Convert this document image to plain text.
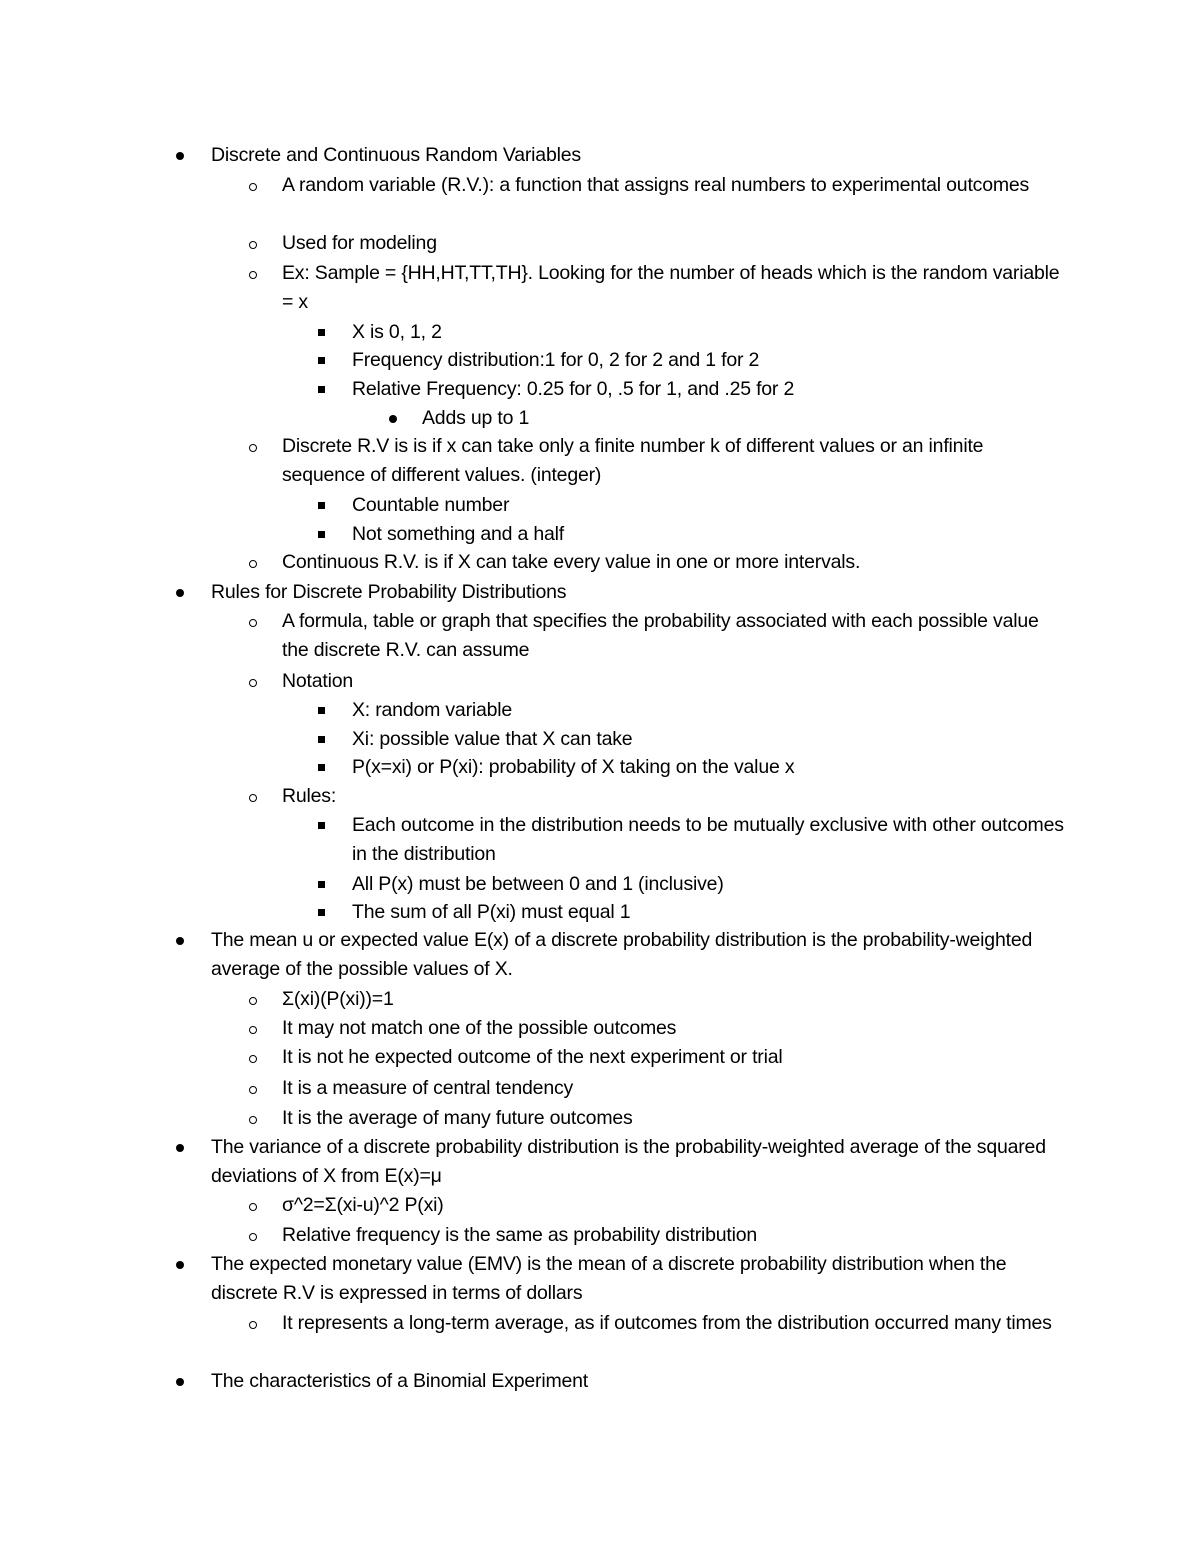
Discrete and Continuous Random Variables

A random variable (R.V.): a function that assigns real numbers to experimental outcomes

Used for modeling

Ex: Sample = {HH,HT,TT,TH}. Looking for the number of heads which is the random variable = x

X is 0, 1, 2

Frequency distribution:1 for 0, 2 for 2 and 1 for 2

Relative Frequency: 0.25 for 0, .5 for 1, and .25 for 2

Adds up to 1

Discrete R.V is is if x can take only a finite number k of different values or an infinite sequence of different values. (integer)

Countable number

Not something and a half

Continuous R.V. is if X can take every value in one or more intervals.

Rules for Discrete Probability Distributions

A formula, table or graph that specifies the probability associated with each possible value the discrete R.V. can assume

Notation

X: random variable

Xi: possible value that X can take

P(x=xi) or P(xi): probability of X taking on the value x

Rules:

Each outcome in the distribution needs to be mutually exclusive with other outcomes in the distribution

All P(x) must be between 0 and 1 (inclusive)

The sum of all P(xi) must equal 1

The mean u or expected value E(x) of a discrete probability distribution is the probability-weighted average of the possible values of X.

Σ(xi)(P(xi))=1

It may not match one of the possible outcomes

It is not he expected outcome of the next experiment or trial

It is a measure of central tendency

It is the average of many future outcomes

The variance of a discrete probability distribution is the probability-weighted average of the squared deviations of X from E(x)=μ

σ^2=Σ(xi-u)^2 P(xi)

Relative frequency is the same as probability distribution

The expected monetary value (EMV) is the mean of a discrete probability distribution when the discrete R.V is expressed in terms of dollars

It represents a long-term average, as if outcomes from the distribution occurred many times

The characteristics of a Binomial Experiment
